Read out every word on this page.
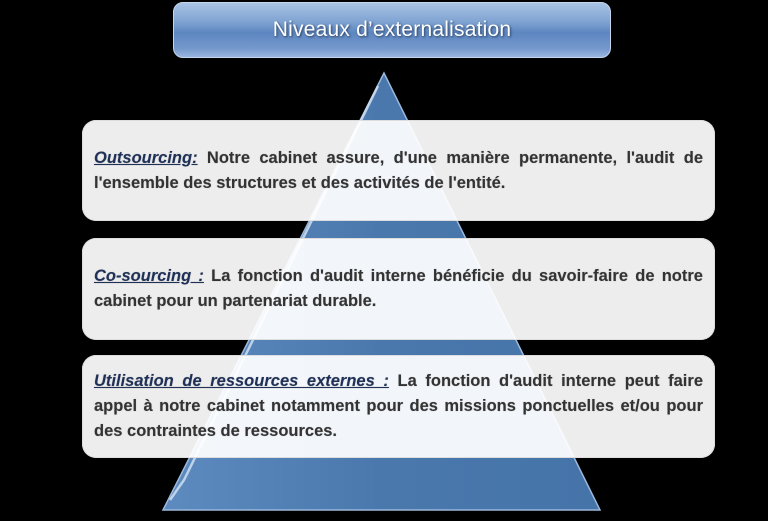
Niveaux d’externalisation

Outsourcing: Notre cabinet assure, d'une manière permanente, l'audit de l'ensemble des structures et des activités de l'entité.

Co-sourcing : La fonction d'audit interne bénéficie du savoir-faire de notre cabinet pour un partenariat durable.

Utilisation de ressources externes : La fonction d'audit interne peut faire appel à notre cabinet notamment pour des missions ponctuelles et/ou pour des contraintes de ressources.
